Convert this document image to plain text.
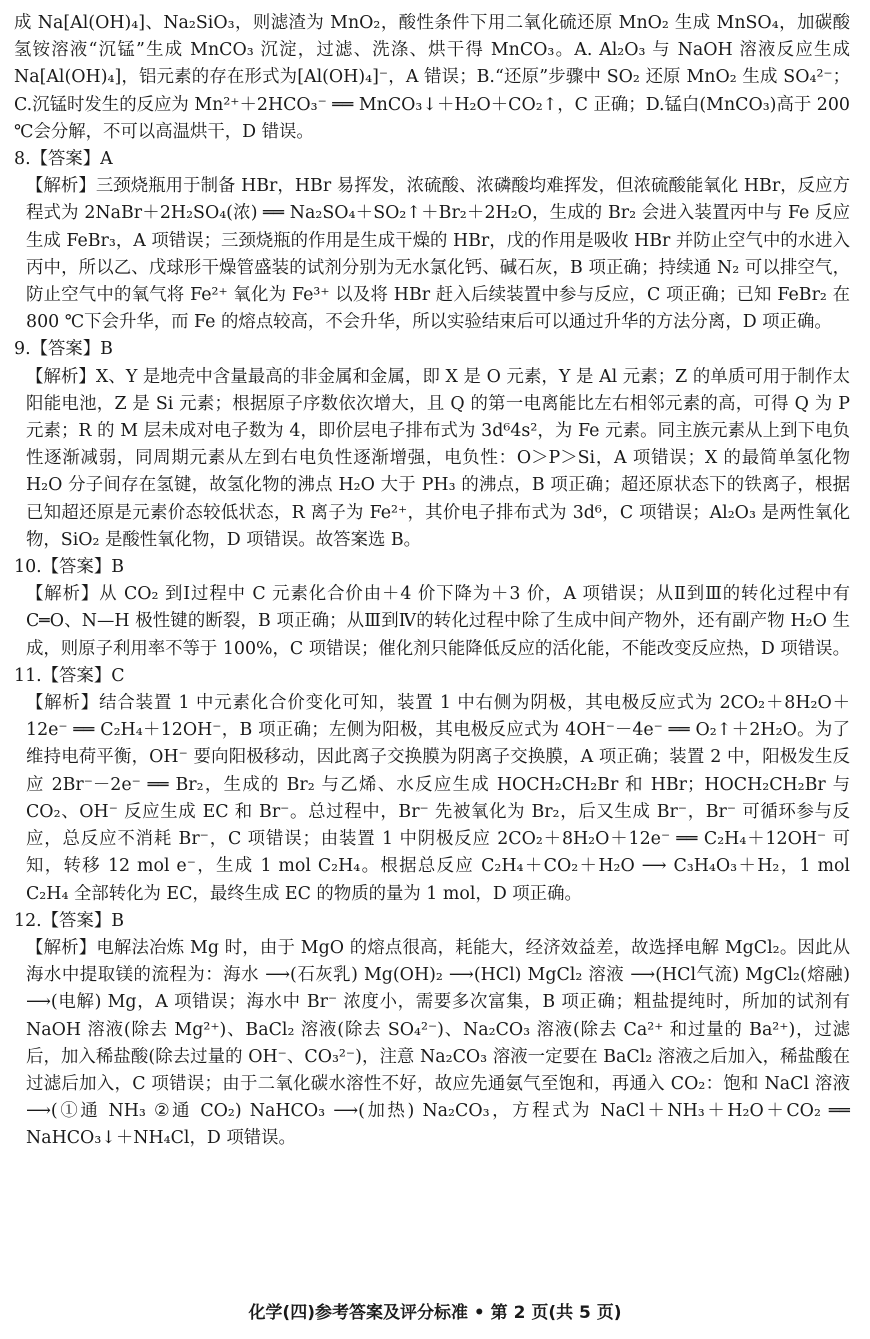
成 Na[Al(OH)₄]、Na₂SiO₃，则滤渣为 MnO₂，酸性条件下用二氧化硫还原 MnO₂ 生成 MnSO₄，加碳酸氢铵溶液“沉锰”生成 MnCO₃ 沉淀，过滤、洗涤、烘干得 MnCO₃。A. Al₂O₃ 与 NaOH 溶液反应生成 Na[Al(OH)₄]，铝元素的存在形式为[Al(OH)₄]⁻，A 错误；B.“还原”步骤中 SO₂ 还原 MnO₂ 生成 SO₄²⁻；C.沉锰时发生的反应为 Mn²⁺＋2HCO₃⁻ ══ MnCO₃↓＋H₂O＋CO₂↑，C 正确；D.锰白(MnCO₃)高于 200 ℃会分解，不可以高温烘干，D 错误。

8.【答案】A

【解析】三颈烧瓶用于制备 HBr，HBr 易挥发，浓硫酸、浓磷酸均难挥发，但浓硫酸能氧化 HBr，反应方程式为 2NaBr＋2H₂SO₄(浓) ══ Na₂SO₄＋SO₂↑＋Br₂＋2H₂O，生成的 Br₂ 会进入装置丙中与 Fe 反应生成 FeBr₃，A 项错误；三颈烧瓶的作用是生成干燥的 HBr，戊的作用是吸收 HBr 并防止空气中的水进入丙中，所以乙、戊球形干燥管盛装的试剂分别为无水氯化钙、碱石灰，B 项正确；持续通 N₂ 可以排空气，防止空气中的氧气将 Fe²⁺ 氧化为 Fe³⁺ 以及将 HBr 赶入后续装置中参与反应，C 项正确；已知 FeBr₂ 在 800 ℃下会升华，而 Fe 的熔点较高，不会升华，所以实验结束后可以通过升华的方法分离，D 项正确。

9.【答案】B

【解析】X、Y 是地壳中含量最高的非金属和金属，即 X 是 O 元素，Y 是 Al 元素；Z 的单质可用于制作太阳能电池，Z 是 Si 元素；根据原子序数依次增大，且 Q 的第一电离能比左右相邻元素的高，可得 Q 为 P 元素；R 的 M 层未成对电子数为 4，即价层电子排布式为 3d⁶4s²，为 Fe 元素。同主族元素从上到下电负性逐渐减弱，同周期元素从左到右电负性逐渐增强，电负性：O＞P＞Si，A 项错误；X 的最简单氢化物 H₂O 分子间存在氢键，故氢化物的沸点 H₂O 大于 PH₃ 的沸点，B 项正确；超还原状态下的铁离子，根据已知超还原是元素价态较低状态，R 离子为 Fe²⁺，其价电子排布式为 3d⁶，C 项错误；Al₂O₃ 是两性氧化物，SiO₂ 是酸性氧化物，D 项错误。故答案选 B。

10.【答案】B

【解析】从 CO₂ 到Ⅰ过程中 C 元素化合价由＋4 价下降为＋3 价，A 项错误；从Ⅱ到Ⅲ的转化过程中有 C═O、N—H 极性键的断裂，B 项正确；从Ⅲ到Ⅳ的转化过程中除了生成中间产物外，还有副产物 H₂O 生成，则原子利用率不等于 100%，C 项错误；催化剂只能降低反应的活化能，不能改变反应热，D 项错误。

11.【答案】C

【解析】结合装置 1 中元素化合价变化可知，装置 1 中右侧为阴极，其电极反应式为 2CO₂＋8H₂O＋12e⁻ ══ C₂H₄＋12OH⁻，B 项正确；左侧为阳极，其电极反应式为 4OH⁻－4e⁻ ══ O₂↑＋2H₂O。为了维持电荷平衡，OH⁻ 要向阳极移动，因此离子交换膜为阴离子交换膜，A 项正确；装置 2 中，阳极发生反应 2Br⁻－2e⁻ ══ Br₂，生成的 Br₂ 与乙烯、水反应生成 HOCH₂CH₂Br 和 HBr；HOCH₂CH₂Br 与 CO₂、OH⁻ 反应生成 EC 和 Br⁻。总过程中，Br⁻ 先被氧化为 Br₂，后又生成 Br⁻，Br⁻ 可循环参与反应，总反应不消耗 Br⁻，C 项错误；由装置 1 中阴极反应 2CO₂＋8H₂O＋12e⁻ ══ C₂H₄＋12OH⁻ 可知，转移 12 mol e⁻，生成 1 mol C₂H₄。根据总反应 C₂H₄＋CO₂＋H₂O ⟶ C₃H₄O₃＋H₂，1 mol C₂H₄ 全部转化为 EC，最终生成 EC 的物质的量为 1 mol，D 项正确。

12.【答案】B

【解析】电解法冶炼 Mg 时，由于 MgO 的熔点很高，耗能大，经济效益差，故选择电解 MgCl₂。因此从海水中提取镁的流程为：海水 ⟶(石灰乳) Mg(OH)₂ ⟶(HCl) MgCl₂ 溶液 ⟶(HCl气流) MgCl₂(熔融) ⟶(电解) Mg，A 项错误；海水中 Br⁻ 浓度小，需要多次富集，B 项正确；粗盐提纯时，所加的试剂有 NaOH 溶液(除去 Mg²⁺)、BaCl₂ 溶液(除去 SO₄²⁻)、Na₂CO₃ 溶液(除去 Ca²⁺ 和过量的 Ba²⁺)，过滤后，加入稀盐酸(除去过量的 OH⁻、CO₃²⁻)，注意 Na₂CO₃ 溶液一定要在 BaCl₂ 溶液之后加入，稀盐酸在过滤后加入，C 项错误；由于二氧化碳水溶性不好，故应先通氨气至饱和，再通入 CO₂：饱和 NaCl 溶液 ⟶(①通 NH₃ ②通 CO₂) NaHCO₃ ⟶(加热) Na₂CO₃，方程式为 NaCl＋NH₃＋H₂O＋CO₂ ══ NaHCO₃↓＋NH₄Cl，D 项错误。

化学(四)参考答案及评分标准 • 第 2 页(共 5 页)
